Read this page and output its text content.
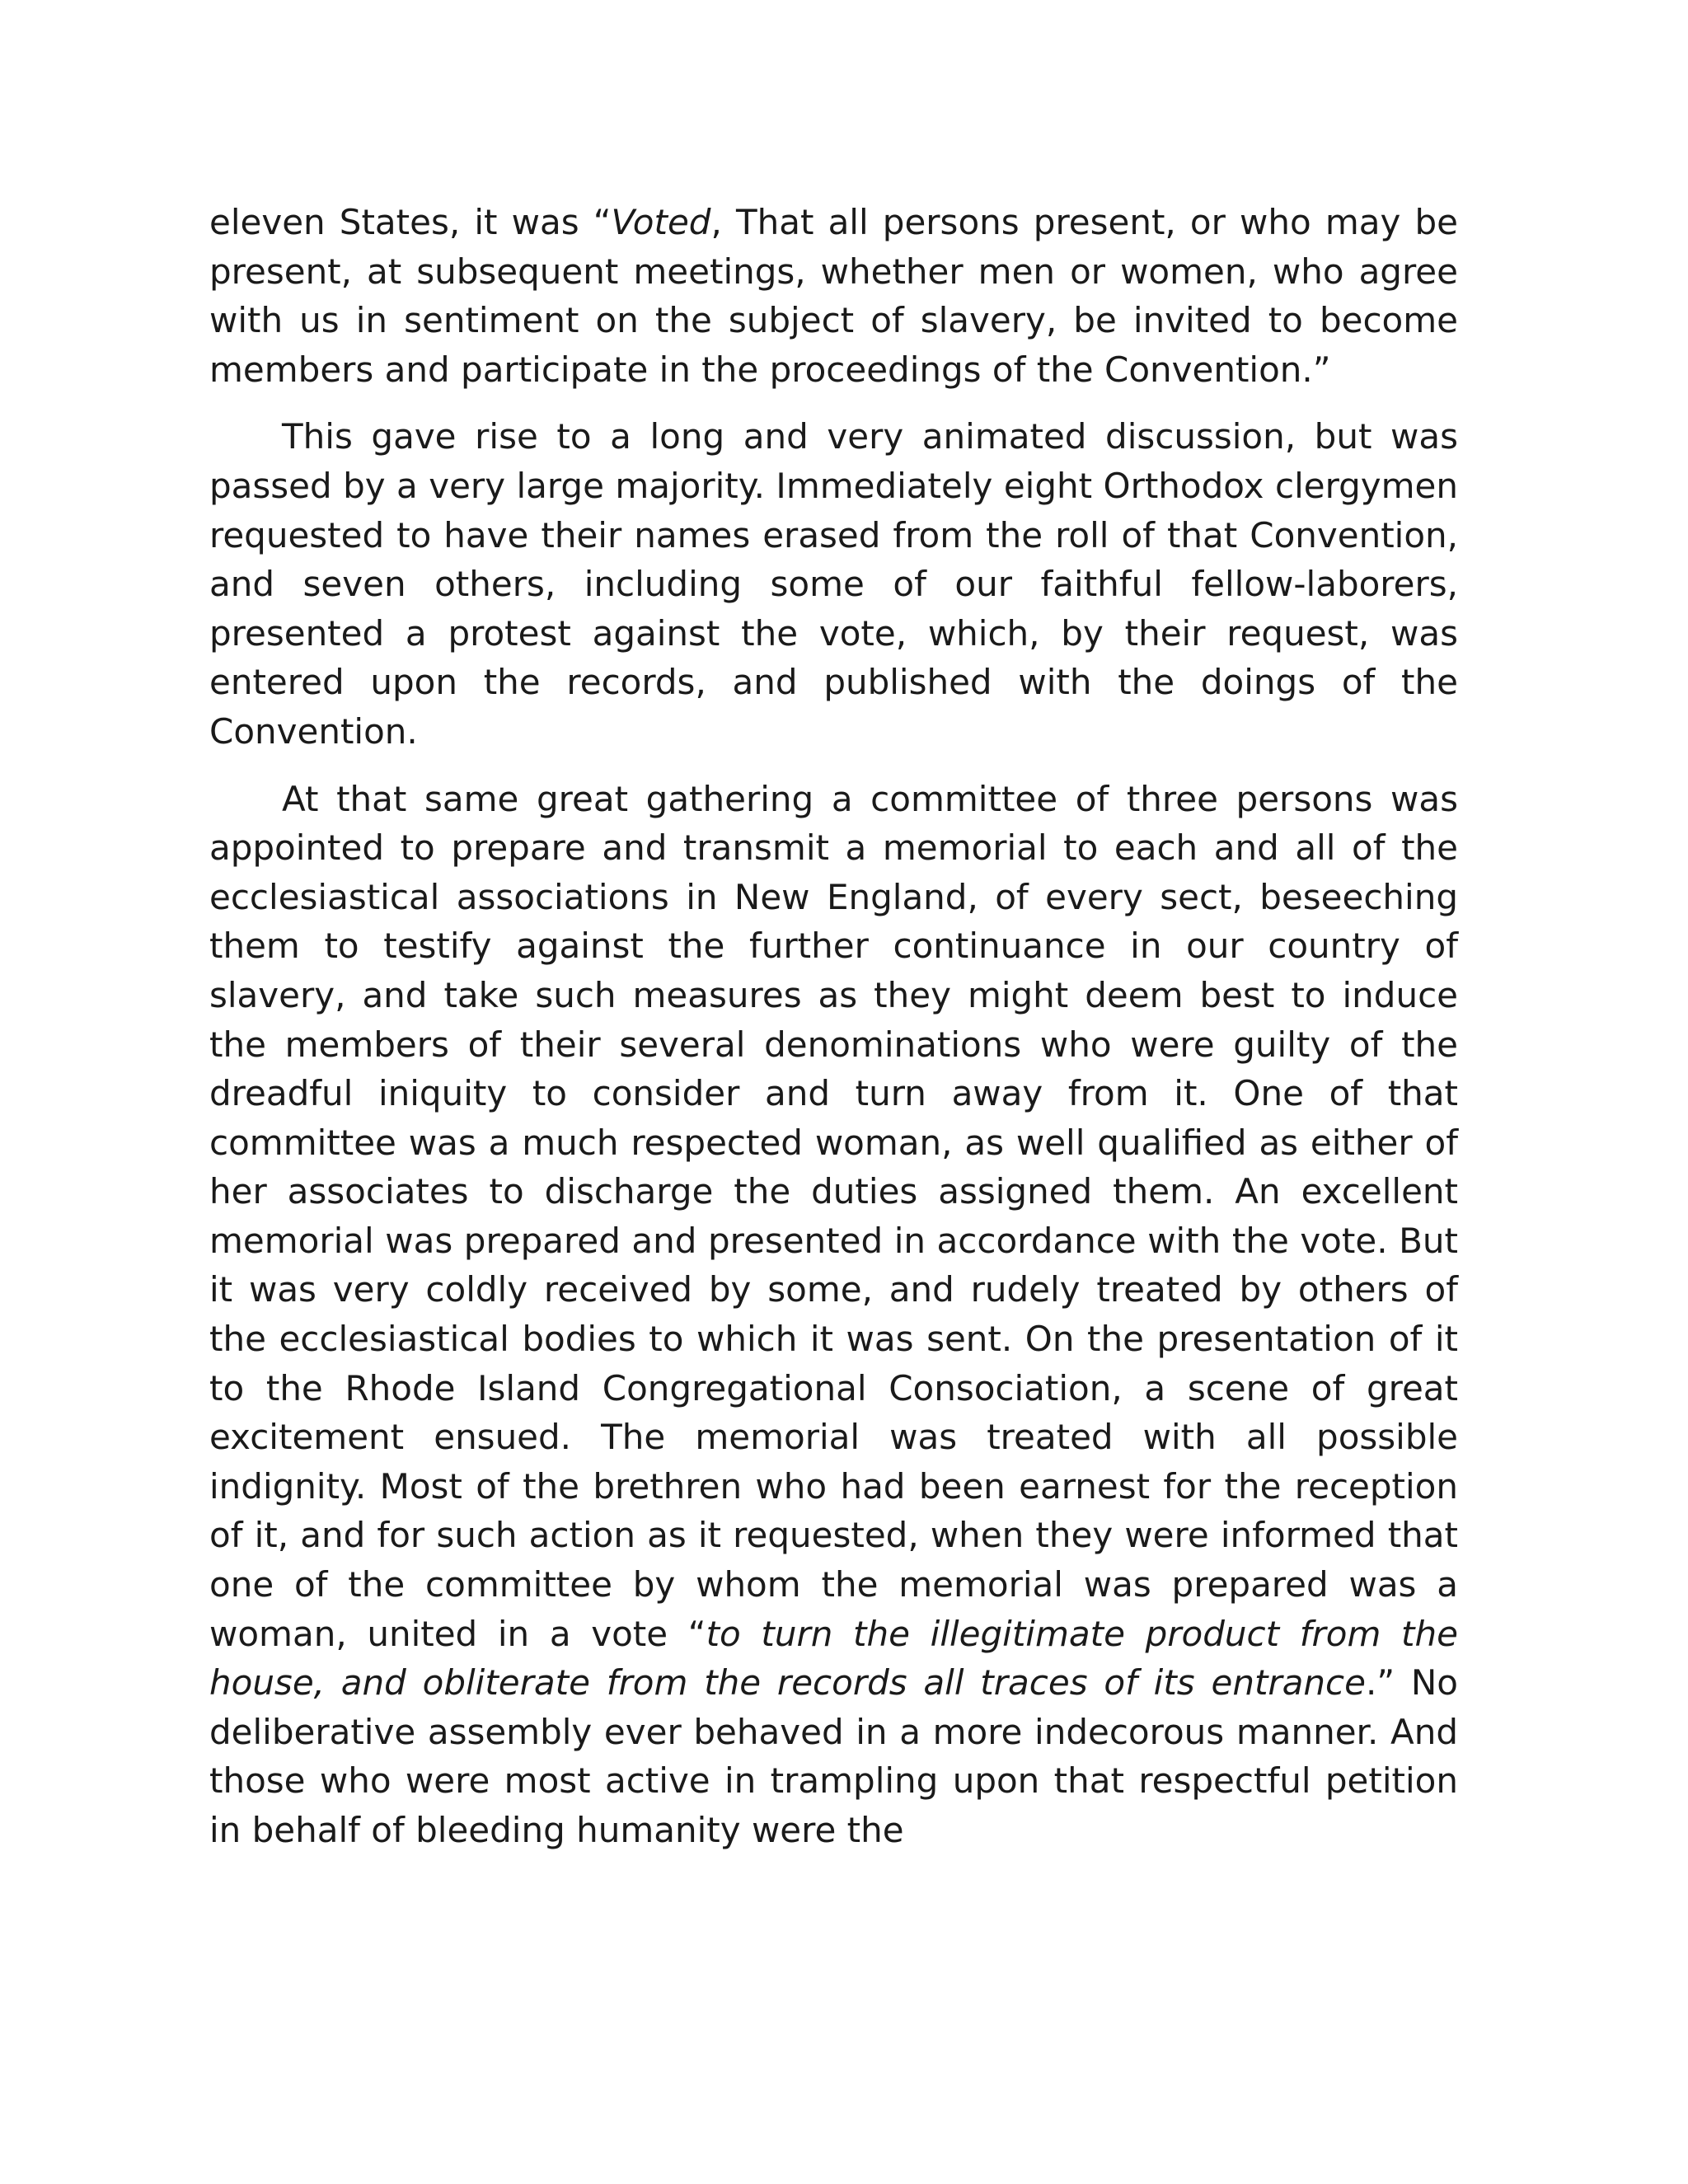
eleven States, it was “Voted, That all persons present, or who may be present, at subsequent meetings, whether men or women, who agree with us in sentiment on the subject of slavery, be invited to become members and participate in the proceedings of the Convention.”

This gave rise to a long and very animated discussion, but was passed by a very large majority. Immediately eight Orthodox clergymen requested to have their names erased from the roll of that Convention, and seven others, including some of our faithful fellow-laborers, presented a protest against the vote, which, by their request, was entered upon the records, and published with the doings of the Convention.

At that same great gathering a committee of three persons was appointed to prepare and transmit a memorial to each and all of the ecclesiastical associations in New England, of every sect, beseeching them to testify against the further continuance in our country of slavery, and take such measures as they might deem best to induce the members of their several denominations who were guilty of the dreadful iniquity to consider and turn away from it. One of that committee was a much respected woman, as well qualified as either of her associates to discharge the duties assigned them. An excellent memorial was prepared and presented in accordance with the vote. But it was very coldly received by some, and rudely treated by others of the ecclesiastical bodies to which it was sent. On the presentation of it to the Rhode Island Congregational Consociation, a scene of great excitement ensued. The memorial was treated with all possible indignity. Most of the brethren who had been earnest for the reception of it, and for such action as it requested, when they were informed that one of the committee by whom the memorial was prepared was a woman, united in a vote “to turn the illegitimate product from the house, and obliterate from the records all traces of its entrance.” No deliberative assembly ever behaved in a more indecorous manner. And those who were most active in trampling upon that respectful petition in behalf of bleeding humanity were the
